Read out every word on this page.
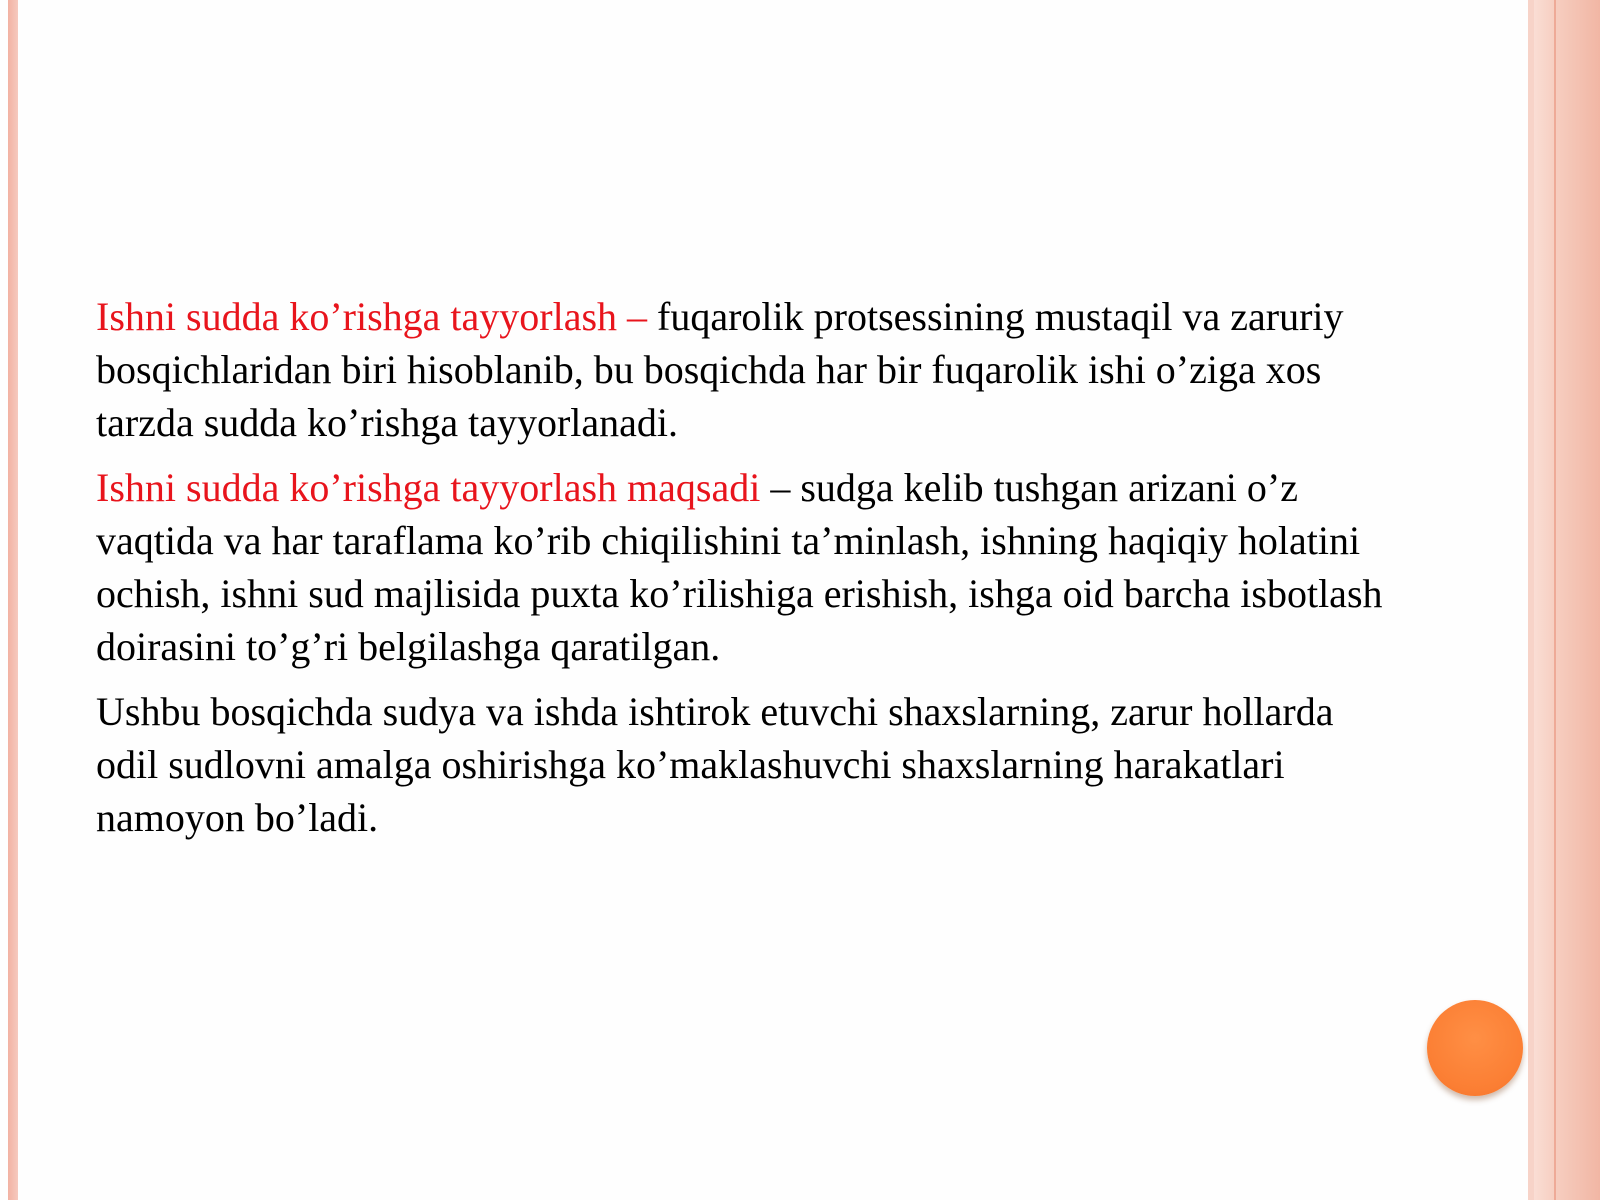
Ishni sudda ko’rishga tayyorlash – fuqarolik protsessining mustaqil va zaruriy bosqichlaridan biri hisoblanib, bu bosqichda har bir fuqarolik ishi o’ziga xos tarzda sudda ko’rishga tayyorlanadi.

Ishni sudda ko’rishga tayyorlash maqsadi – sudga kelib tushgan arizani o’z vaqtida va har taraflama ko’rib chiqilishini ta’minlash, ishning haqiqiy holatini ochish, ishni sud majlisida puxta ko’rilishiga erishish, ishga oid barcha isbotlash doirasini to’g’ri belgilashga qaratilgan.

Ushbu bosqichda sudya va ishda ishtirok etuvchi shaxslarning, zarur hollarda odil sudlovni amalga oshirishga ko’maklashuvchi shaxslarning harakatlari namoyon bo’ladi.
